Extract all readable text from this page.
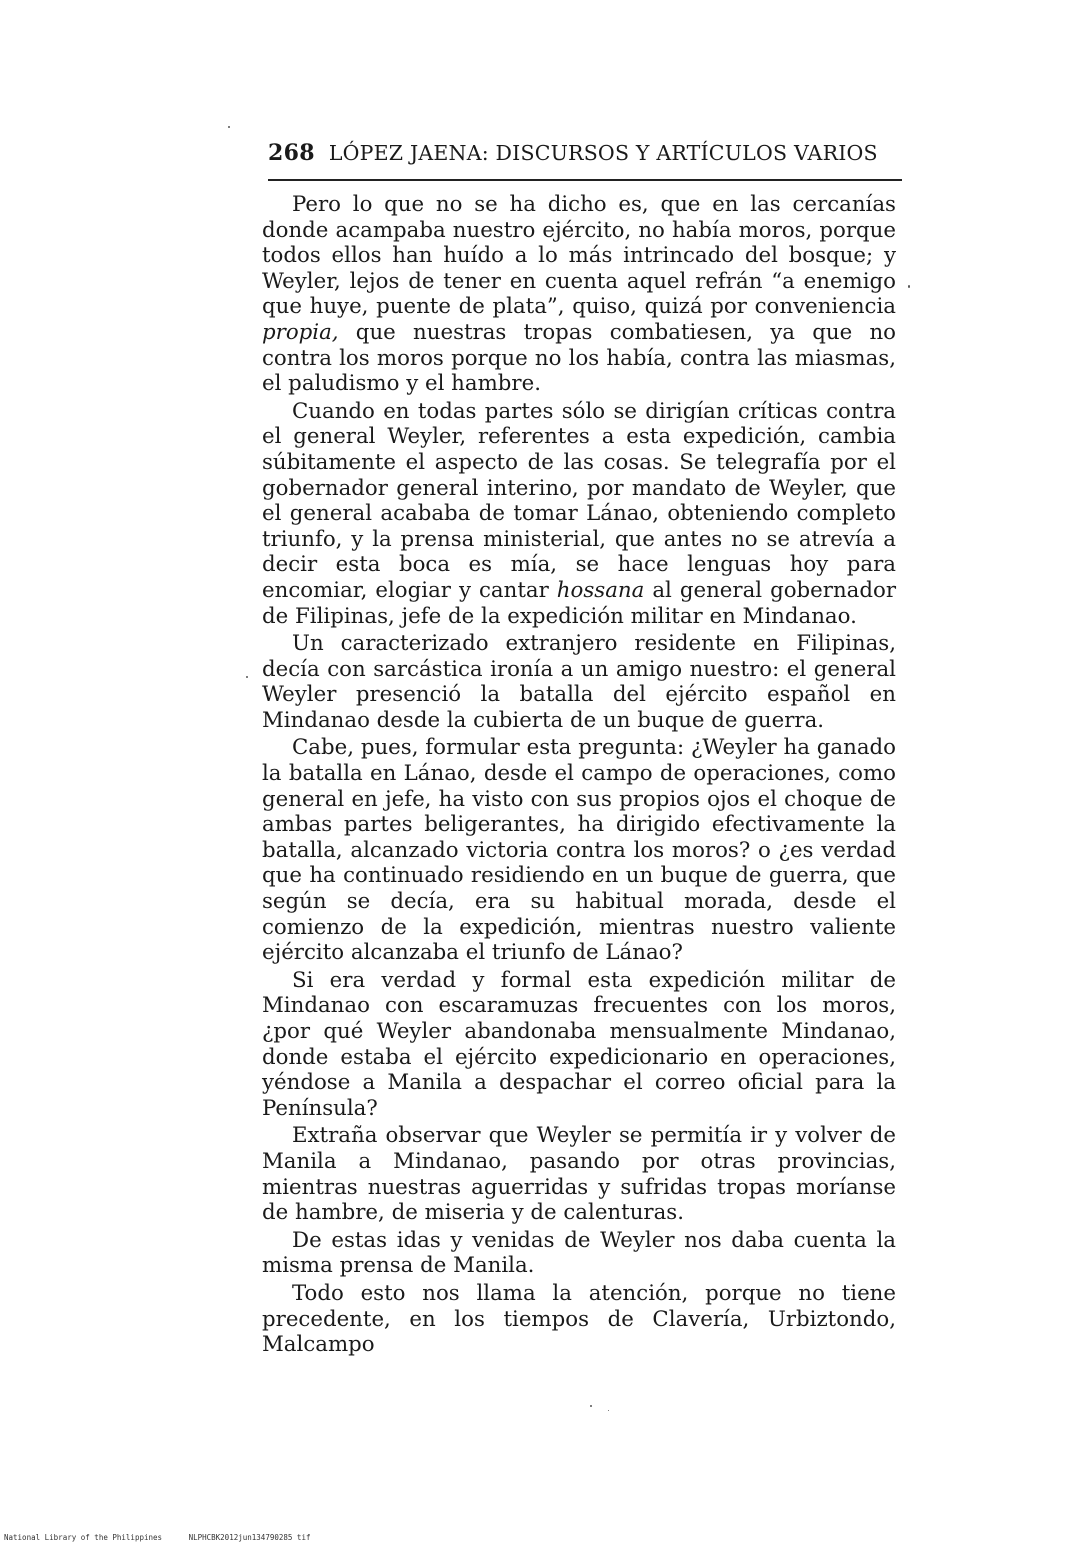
268 LÓPEZ JAENA: DISCURSOS Y ARTÍCULOS VARIOS

Pero lo que no se ha dicho es, que en las cercanías donde acampaba nuestro ejército, no había moros, porque todos ellos han huído a lo más intrincado del bosque; y Weyler, lejos de tener en cuenta aquel refrán “a enemigo que huye, puente de plata”, quiso, quizá por conveniencia propia, que nuestras tropas combatiesen, ya que no contra los moros porque no los había, contra las miasmas, el paludismo y el hambre.

Cuando en todas partes sólo se dirigían críticas contra el general Weyler, referentes a esta expedición, cambia súbitamente el aspecto de las cosas. Se telegrafía por el gobernador general interino, por mandato de Weyler, que el general acababa de tomar Lánao, obteniendo completo triunfo, y la prensa ministerial, que antes no se atrevía a decir esta boca es mía, se hace lenguas hoy para encomiar, elogiar y cantar hossana al general gobernador de Filipinas, jefe de la expedición militar en Mindanao.

Un caracterizado extranjero residente en Filipinas, decía con sarcástica ironía a un amigo nuestro: el general Weyler presenció la batalla del ejército español en Mindanao desde la cubierta de un buque de guerra.

Cabe, pues, formular esta pregunta: ¿Weyler ha ganado la batalla en Lánao, desde el campo de operaciones, como general en jefe, ha visto con sus propios ojos el choque de ambas partes beligerantes, ha dirigido efectivamente la batalla, alcanzado victoria contra los moros? o ¿es verdad que ha continuado residiendo en un buque de guerra, que según se decía, era su habitual morada, desde el comienzo de la expedición, mientras nuestro valiente ejército alcanzaba el triunfo de Lánao?

Si era verdad y formal esta expedición militar de Mindanao con escaramuzas frecuentes con los moros, ¿por qué Weyler abandonaba mensualmente Mindanao, donde estaba el ejército expedicionario en operaciones, yéndose a Manila a despachar el correo oficial para la Península?

Extraña observar que Weyler se permitía ir y volver de Manila a Mindanao, pasando por otras provincias, mientras nuestras aguerridas y sufridas tropas moríanse de hambre, de miseria y de calenturas.

De estas idas y venidas de Weyler nos daba cuenta la misma prensa de Manila.

Todo esto nos llama la atención, porque no tiene precedente, en los tiempos de Clavería, Urbiztondo, Malcampo

National Library of the Philippines	NLPHCBK2012jun134790285 tif
